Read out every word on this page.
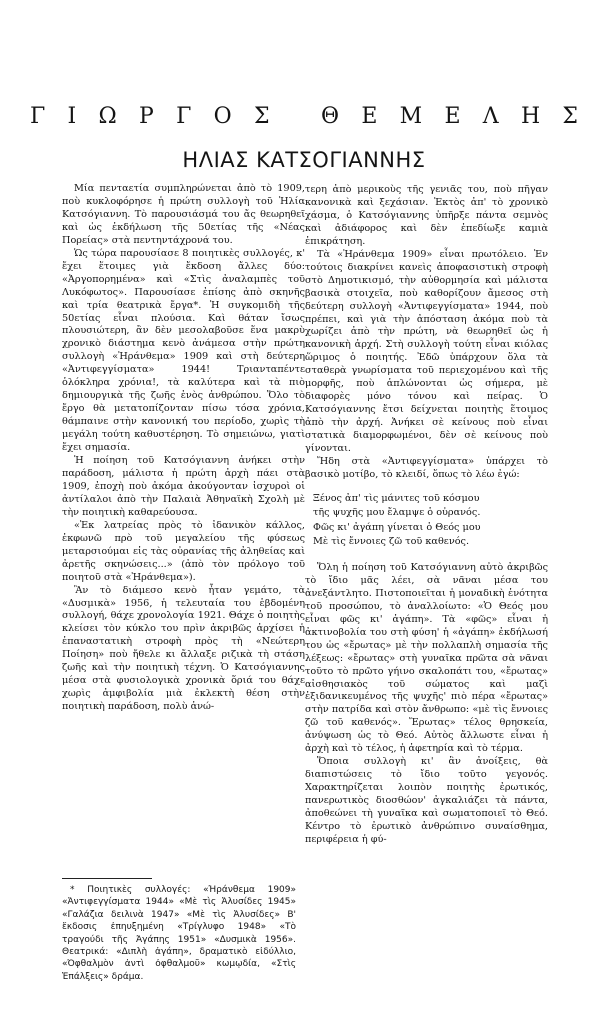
Γ Ι Ω Ρ Γ Ο Σ
Θ Ε Μ Ε Λ Η Σ
ΗΛΙΑΣ ΚΑΤΣΟΓΙΑΝΝΗΣ

Μία πενταετία συμπληρώνεται ἀπὸ τὸ 1909, ποὺ κυκλοφόρησε ἡ πρώτη συλλογὴ τοῦ Ἠλία Κατσόγιαννη. Τὸ παρουσιάσμά του ἄς θεωρηθεῖ καὶ ὡς ἐκδήλωση τῆς 50ετίας τῆς «Νέας Πορείας» στὰ πεντηντάχρονά του.

Ὡς τώρα παρουσίασε 8 ποιητικὲς συλλογές, κ' ἔχει ἕτοιμες γιὰ ἔκδοση ἄλλες δύο: «Ἀργοπορημένα» καὶ «Στὶς ἀναλαμπὲς τοῦ Λυκόφωτος». Παρουσίασε ἐπίσης ἀπὸ σκηνῆς καὶ τρία θεατρικὰ ἔργα*. Ἡ συγκομιδὴ τῆς 50ετίας εἶναι πλούσια. Καὶ θάταν ἴσως πλουσιώτερη, ἂν δὲν μεσολαβοῦσε ἕνα μακρὺ χρονικὸ διάστημα κενὸ ἀνάμεσα στὴν πρώτη συλλογὴ «Ἠράνθεμα» 1909 καὶ στὴ δεύτερη «Ἀντιφεγγίσματα» 1944! Τριανταπέντε ὁλόκληρα χρόνια!, τὰ καλύτερα καὶ τὰ πιὸ δημιουργικὰ τῆς ζωῆς ἑνὸς ἀνθρώπου. Ὅλο τὸ ἔργο θὰ μετατοπίζονταν πίσω τόσα χρόνια, θάμπαινε στὴν κανονική του περίοδο, χωρὶς τὴ μεγάλη τούτη καθυστέρηση. Τὸ σημειώνω, γιατὶ ἔχει σημασία.

Ἡ ποίηση τοῦ Κατσόγιαννη ἀνήκει στὴν παράδοση, μάλιστα ἡ πρώτη ἀρχὴ πάει στὰ 1909, ἐποχὴ ποὺ ἀκόμα ἀκούγονταν ἰσχυροὶ οἱ ἀντίλαλοι ἀπὸ τὴν Παλαιὰ Ἀθηναϊκὴ Σχολὴ μὲ τὴν ποιητικὴ καθαρεύουσα.

«Ἐκ λατρείας πρὸς τὸ ἰδανικὸν κάλλος, ἐκφωνῶ πρὸ τοῦ μεγαλείου τῆς φύσεως μεταρσιούμαι εἰς τὰς οὐρανίας τῆς ἀληθείας καὶ ἀρετῆς σκηνώσεις...» (ἀπὸ τὸν πρόλογο τοῦ ποιητοῦ στὰ «Ἠράνθεμα»).

Ἂν τὸ διάμεσο κενὸ ἦταν γεμάτο, τὰ «Δυσμικὰ» 1956, ἡ τελευταία του ἑβδομένη συλλογή, θάχε χρονολογία 1921. Θάχε ὁ ποιητὴς κλείσει τὸν κύκλο του πρὶν ἀκριβῶς ἀρχίσει ἡ ἐπαναστατικὴ στροφὴ πρὸς τὴ «Νεώτερη Ποίηση» ποὺ ἤθελε κι ἄλλαξε ριζικὰ τὴ στάση ζωῆς καὶ τὴν ποιητικὴ τέχνη. Ὁ Κατσόγιαννης μέσα στὰ φυσιολογικὰ χρονικὰ ὅριά του θάχε χωρὶς ἀμφιβολία μιὰ ἐκλεκτὴ θέση στὴν ποιητικὴ παράδοση, πολὺ ἀνώ-

* Ποιητικὲς συλλογές: «Ἠράνθεμα 1909» «Ἀντιφεγγίσματα 1944» «Μὲ τὶς Ἀλυσίδες 1945» «Γαλάζια δειλινὰ 1947» «Μὲ τὶς Ἀλυσίδες» Β' ἔκδοσις ἐπηυξημένη «Τρίγλυφο 1948» «Τὸ τραγούδι τῆς Ἀγάπης 1951» «Δυσμικὰ 1956». Θεατρικά: «Διπλὴ ἀγάπη», δραματικὸ εἰδύλλιο, «Ὀφθαλμὸν ἀντὶ ὀφθαλμοῦ» κωμῳδία, «Στὶς Ἐπάλξεις» δράμα.

τερη ἀπὸ μερικοὺς τῆς γενιᾶς του, ποὺ πῆγαν κανονικὰ καὶ ξεχάσιαν. Ἐκτὸς ἀπ' τὸ χρονικὸ χάσμα, ὁ Κατσόγιαννης ὑπῆρξε πάντα σεμνὸς καὶ ἀδιάφορος καὶ δὲν ἐπεδίωξε καμιὰ ἐπικράτηση.

Τὰ «Ἠράνθεμα 1909» εἶναι πρωτόλειο. Ἐν τούτοις διακρίνει κανεὶς ἀποφασιστικὴ στροφὴ στὸ Δημοτικισμό, τὴν αὐθορμησία καὶ μάλιστα βασικὰ στοιχεῖα, ποὺ καθορίζουν ἄμεσος στὴ δεύτερη συλλογὴ «Ἀντιφεγγίσματα» 1944, ποὺ πρέπει, καὶ γιὰ τὴν ἀπόσταση ἀκόμα ποὺ τὰ χωρίζει ἀπὸ τὴν πρώτη, νὰ θεωρηθεῖ ὡς ἡ κανονικὴ ἀρχή. Στὴ συλλογὴ τούτη εἶναι κιόλας ὥριμος ὁ ποιητής. Ἐδῶ ὑπάρχουν ὅλα τὰ σταθερὰ γνωρίσματα τοῦ περιεχομένου καὶ τῆς μορφῆς, ποὺ ἁπλώνονται ὡς σήμερα, μὲ διαφορὲς μόνο τόνου καὶ πείρας. Ὁ Κατσόγιαννης ἔτσι δείχνεται ποιητὴς ἕτοιμος ἀπὸ τὴν ἀρχή. Ἀνήκει σὲ κείνους ποὺ εἶναι στατικὰ διαμορφωμένοι, δὲν σὲ κείνους ποὺ γίνονται.

Ἤδη στὰ «Ἀντιφεγγίσματα» ὑπάρχει τὸ βασικὸ μοτίβο, τὸ κλειδί, ὅπως τὸ λέω ἐγώ:

Ξένος ἀπ' τὶς μάνιτες τοῦ κόσμου

τῆς ψυχῆς μου ἔλαμψε ὁ οὐρανός.

Φῶς κι' ἀγάπη γίνεται ὁ Θεός μου

Μὲ τὶς ἔννοιες ζῶ τοῦ καθενός.

Ὅλη ἡ ποίηση τοῦ Κατσόγιαννη αὐτὸ ἀκριβῶς τὸ ἴδιο μᾶς λέει, σὰ νᾶναι μέσα του ἀνεξάντλητο. Πιστοποιεῖται ἡ μοναδικὴ ἑνότητα τοῦ προσώπου, τὸ ἀναλλοίωτο: «Ὁ Θεός μου εἶναι φῶς κι' ἀγάπη». Τὰ «φῶς» εἶναι ἡ ἀκτινοβολία του στὴ φύση' ἡ «ἀγάπη» ἐκδήλωσή του ὡς «ἔρωτας» μὲ τὴν πολλαπλὴ σημασία τῆς λέξεως: «ἔρωτας» στὴ γυναῖκα πρῶτα σὰ νᾶναι τοῦτο τὸ πρῶτο γήινο σκαλοπάτι του, «ἔρωτας» αἰσθησιακὸς τοῦ σώματος καὶ μαζὶ ἐξιδανικευμένος τῆς ψυχῆς' πιὸ πέρα «ἔρωτας» στὴν πατρίδα καὶ στὸν ἄνθρωπο: «μὲ τὶς ἔννοιες ζῶ τοῦ καθενός». Ἔρωτας» τέλος θρησκεία, ἀνύψωση ὡς τὸ Θεό. Αὐτὸς ἄλλωστε εἶναι ἡ ἀρχὴ καὶ τὸ τέλος, ἡ ἀφετηρία καὶ τὸ τέρμα.

Ὅποια συλλογὴ κι' ἂν ἀνοίξεις, θὰ διαπιστώσεις τὸ ἴδιο τοῦτο γεγονός. Χαρακτηρίζεται λοιπὸν ποιητὴς ἐρωτικός, πανερωτικὸς διοσθώον' ἀγκαλιάζει τὰ πάντα, ἀποθεώνει τὴ γυναῖκα καὶ σωματοποιεῖ τὸ Θεό. Κέντρο τὸ ἐρωτικὸ ἀνθρώπινο συναίσθημα, περιφέρεια ἡ φύ-
